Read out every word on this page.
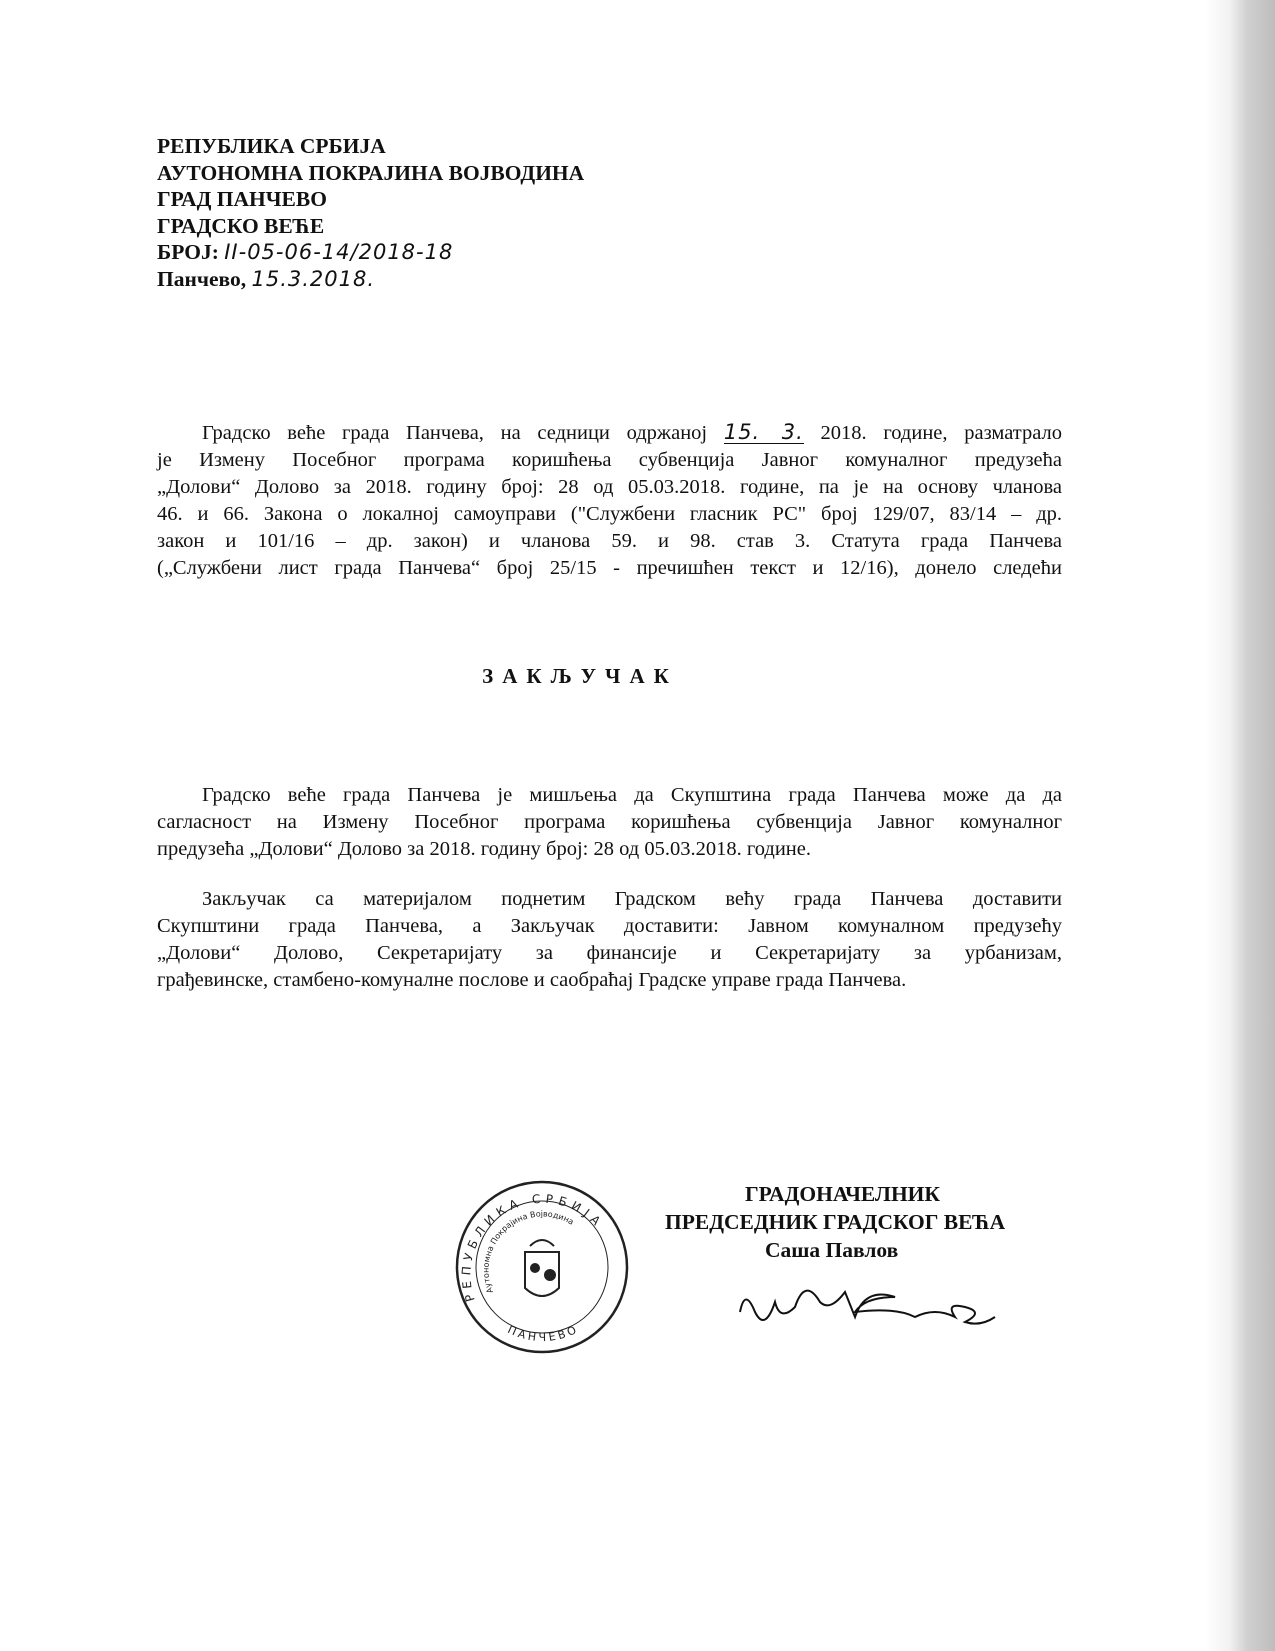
РЕПУБЛИКА СРБИЈА
АУТОНОМНА ПОКРАЈИНА ВОЈВОДИНА
ГРАД ПАНЧЕВО
ГРАДСКО ВЕЋЕ
БРОЈ: II-05-06-14/2018-18
Панчево, 15.3.2018.
Градско веће града Панчева, на седници одржаној 15. 3. 2018. године, разматрало
је Измену Посебног програма коришћења субвенција Јавног комуналног предузећа
„Долови“ Долово за 2018. годину број: 28 од 05.03.2018. године, па је на основу чланова
46. и 66. Закона о локалној самоуправи ("Службени гласник РС" број 129/07, 83/14 – др.
закон и 101/16 – др. закон) и чланова 59. и 98. став 3. Статута града Панчева
(„Службени лист града Панчева“ број 25/15 - пречишћен текст и 12/16), донело следећи
ЗАКЉУЧАК
Градско веће града Панчева је мишљења да Скупштина града Панчева може да да
сагласност на Измену Посебног програма коришћења субвенција Јавног комуналног
предузећа „Долови“ Долово за 2018. годину број: 28 од 05.03.2018. године.
Закључак са материјалом поднетим Градском већу града Панчева доставити
Скупштини града Панчева, а Закључак доставити: Јавном комуналном предузећу
„Долови“ Долово, Секретаријату за финансије и Секретаријату за урбанизам,
грађевинске, стамбено-комуналне послове и саобраћај Градске управе града Панчева.
РЕПУБЛИКА СРБИЈА
Аутономна Покрајина Војводина
ПАНЧЕВО
ГРАДОНАЧЕЛНИК
ПРЕДСЕДНИК ГРАДСКОГ ВЕЋА
Саша Павлов
